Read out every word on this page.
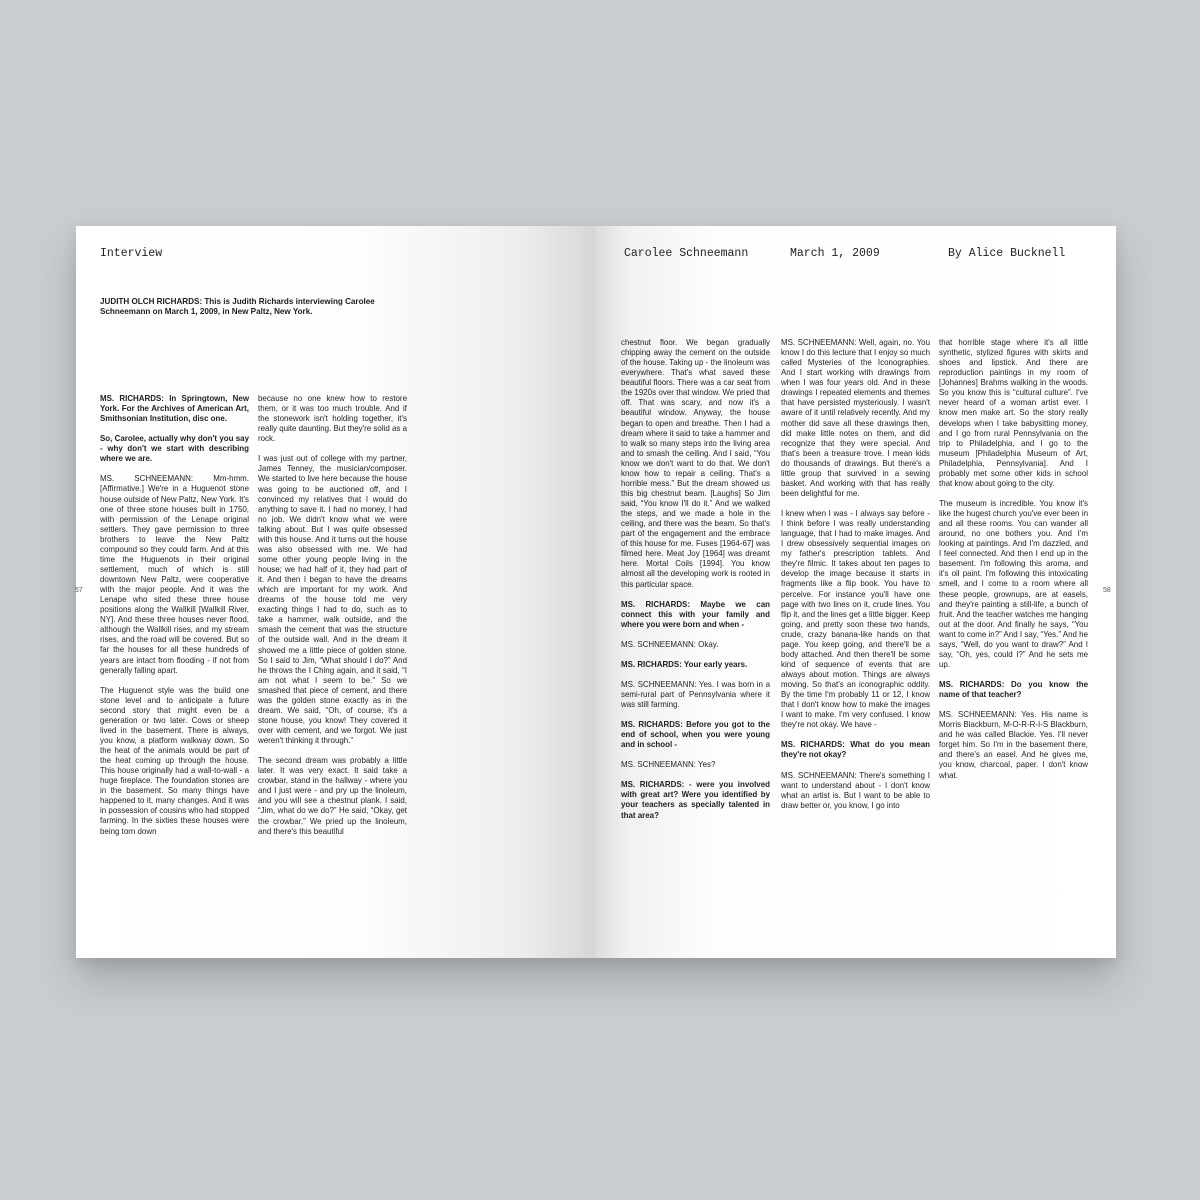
Interview

JUDITH OLCH RICHARDS: This is Judith Richards interviewing Carolee Schneemann on March 1, 2009, in New Paltz, New York.

MS. RICHARDS: In Springtown, New York. For the Archives of American Art, Smithsonian Institution, disc one.

So, Carolee, actually why don't you say - why don't we start with describing where we are.

MS. SCHNEEMANN: Mm-hmm. [Affirmative.] We're in a Huguenot stone house outside of New Paltz, New York. It's one of three stone houses built in 1750, with permission of the Lenape original settlers. They gave permission to three brothers to leave the New Paltz compound so they could farm. And at this time the Huguenots in their original settlement, much of which is still downtown New Paltz, were cooperative with the major people. And it was the Lenape who sited these three house positions along the Wallkill [Wallkill River, NY]. And these three houses never flood, although the Wallkill rises, and my stream rises, and the road will be covered. But so far the houses for all these hundreds of years are intact from flooding - if not from generally falling apart.

The Huguenot style was the build one stone level and to anticipate a future second story that might even be a generation or two later. Cows or sheep lived in the basement. There is always, you know, a platform walkway down. So the heat of the animals would be part of the heat coming up through the house. This house originally had a wall-to-wall - a huge fireplace. The foundation stones are in the basement. So many things have happened to it, many changes. And it was in possession of cousins who had stopped farming. In the sixties these houses were being torn down

because no one knew how to restore them, or it was too much trouble. And if the stonework isn't holding together, it's really quite daunting. But they're solid as a rock.

I was just out of college with my partner, James Tenney, the musician/composer. We started to live here because the house was going to be auctioned off, and I convinced my relatives that I would do anything to save it. I had no money, I had no job. We didn't know what we were talking about. But I was quite obsessed with this house. And it turns out the house was also obsessed with me. We had some other young people living in the house; we had half of it, they had part of it. And then I began to have the dreams which are important for my work. And dreams of the house told me very exacting things I had to do, such as to take a hammer, walk outside, and the smash the cement that was the structure of the outside wall. And in the dream it showed me a little piece of golden stone. So I said to Jim, “What should I do?” And he throws the I Ching again, and it said, “I am not what I seem to be.” So we smashed that piece of cement, and there was the golden stone exactly as in the dream. We said, “Oh, of course, it's a stone house, you know! They covered it over with cement, and we forgot. We just weren't thinking it through.”

The second dream was probably a little later. It was very exact. It said take a crowbar, stand in the hallway - where you and I just were - and pry up the linoleum, and you will see a chestnut plank. I said, “Jim, what do we do?” He said, “Okay, get the crowbar.” We pried up the linoleum, and there's this beautiful

57
Carolee Schneemann	March 1, 2009	By Alice Bucknell

chestnut floor. We began gradually chipping away the cement on the outside of the house. Taking up - the linoleum was everywhere. That's what saved these beautiful floors. There was a car seat from the 1920s over that window. We pried that off. That was scary, and now it's a beautiful window. Anyway, the house began to open and breathe. Then I had a dream where it said to take a hammer and to walk so many steps into the living area and to smash the ceiling. And I said, “You know we don't want to do that. We don't know how to repair a ceiling. That's a horrible mess.” But the dream showed us this big chestnut beam. [Laughs] So Jim said, “You know I'll do it.” And we walked the steps, and we made a hole in the ceiling, and there was the beam. So that's part of the engagement and the embrace of this house for me. Fuses [1964-67] was filmed here. Meat Joy [1964] was dreamt here. Mortal Coils [1994]. You know almost all the developing work is rooted in this particular space.

MS. RICHARDS: Maybe we can connect this with your family and where you were born and when -

MS. SCHNEEMANN: Okay.

MS. RICHARDS: Your early years.

MS. SCHNEEMANN: Yes. I was born in a semi-rural part of Pennsylvania where it was still farming.

MS. RICHARDS: Before you got to the end of school, when you were young and in school -

MS. SCHNEEMANN: Yes?

MS. RICHARDS: - were you involved with great art? Were you identified by your teachers as specially talented in that area?

MS. SCHNEEMANN: Well, again, no. You know I do this lecture that I enjoy so much called Mysteries of the Iconographies. And I start working with drawings from when I was four years old. And in these drawings I repeated elements and themes that have persisted mysteriously. I wasn't aware of it until relatively recently. And my mother did save all these drawings then, did make little notes on them, and did recognize that they were special. And that's been a treasure trove. I mean kids do thousands of drawings. But there's a little group that survived in a sewing basket. And working with that has really been delightful for me.

I knew when I was - I always say before - I think before I was really understanding language, that I had to make images. And I drew obsessively sequential images on my father's prescription tablets. And they're filmic. It takes about ten pages to develop the image because it starts in fragments like a flip book. You have to perceive. For instance you'll have one page with two lines on it, crude lines. You flip it, and the lines get a little bigger. Keep going, and pretty soon these two hands, crude, crazy banana-like hands on that page. You keep going, and there'll be a body attached. And then there'll be some kind of sequence of events that are always about motion. Things are always moving. So that's an iconographic oddity. By the time I'm probably 11 or 12, I know that I don't know how to make the images I want to make. I'm very confused. I know they're not okay. We have -

MS. RICHARDS: What do you mean they're not okay?

MS. SCHNEEMANN: There's something I want to understand about - I don't know what an artist is. But I want to be able to draw better or, you know, I go into

that horrible stage where it's all little synthetic, stylized figures with skirts and shoes and lipstick. And there are reproduction paintings in my room of [Johannes] Brahms walking in the woods. So you know this is “cultural culture”. I've never heard of a woman artist ever. I know men make art. So the story really develops when I take babysitting money, and I go from rural Pennsylvania on the trip to Philadelphia, and I go to the museum [Philadelphia Museum of Art, Philadelphia, Pennsylvania]. And I probably met some other kids in school that know about going to the city.

The museum is incredible. You know it's like the hugest church you've ever been in and all these rooms. You can wander all around, no one bothers you. And I'm looking at paintings. And I'm dazzled, and I feel connected. And then I end up in the basement. I'm following this aroma, and it's oil paint. I'm following this intoxicating smell, and I come to a room where all these people, grownups, are at easels, and they're painting a still-life, a bunch of fruit. And the teacher watches me hanging out at the door. And finally he says, “You want to come in?” And I say, “Yes.” And he says, “Well, do you want to draw?” And I say, “Oh, yes, could I?” And he sets me up.

MS. RICHARDS: Do you know the name of that teacher?

MS. SCHNEEMANN: Yes. His name is Morris Blackburn, M-O-R-R-I-S Blackburn, and he was called Blackie. Yes. I'll never forget him. So I'm in the basement there, and there's an easel. And he gives me, you know, charcoal, paper. I don't know what.

58
